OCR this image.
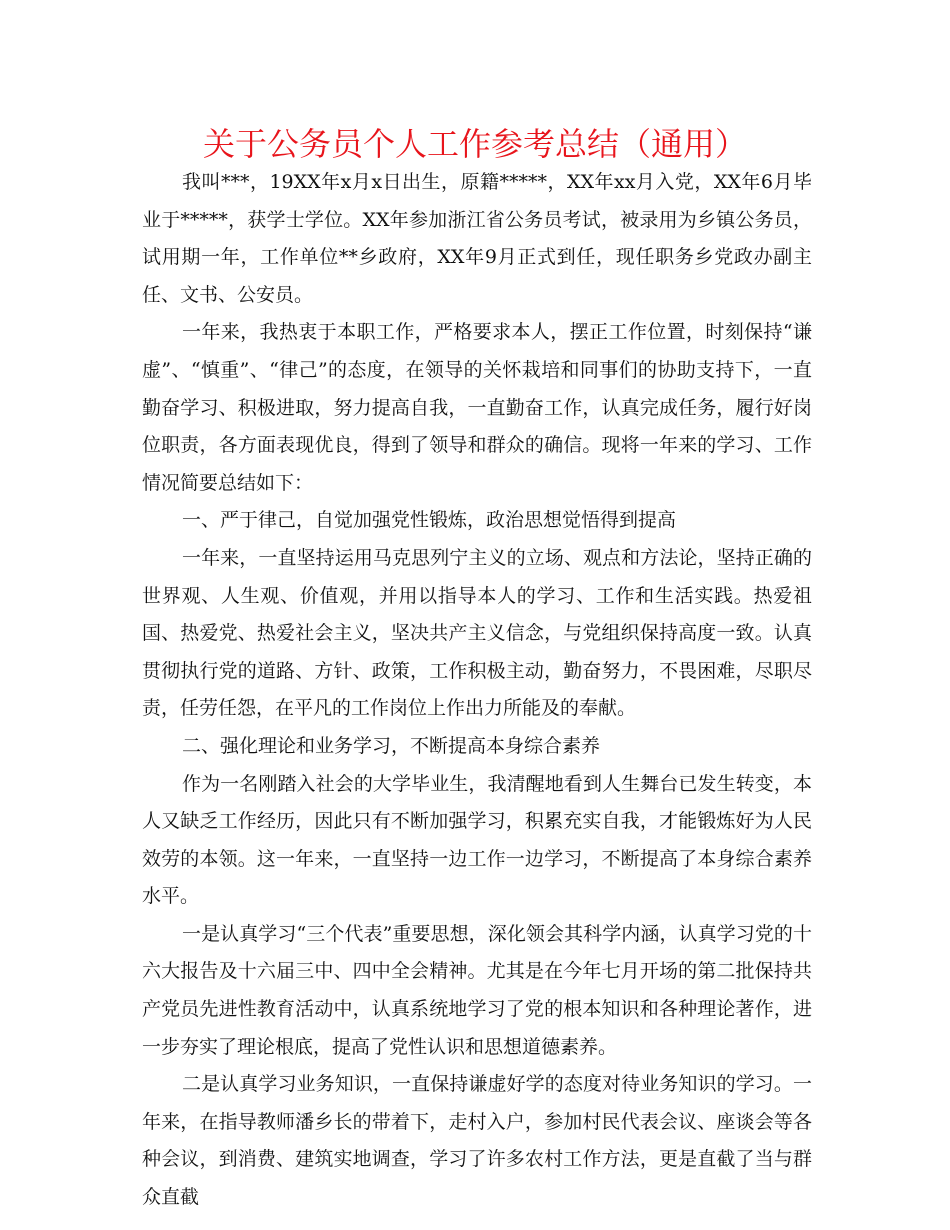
关于公务员个人工作参考总结（通用）

我叫***，19XX年x月x日出生，原籍*****，XX年xx月入党，XX年6月毕业于*****，获学士学位。XX年参加浙江省公务员考试，被录用为乡镇公务员，试用期一年，工作单位**乡政府，XX年9月正式到任，现任职务乡党政办副主任、文书、公安员。

一年来，我热衷于本职工作，严格要求本人，摆正工作位置，时刻保持“谦虚”、“慎重”、“律己”的态度，在领导的关怀栽培和同事们的协助支持下，一直勤奋学习、积极进取，努力提高自我，一直勤奋工作，认真完成任务，履行好岗位职责，各方面表现优良，得到了领导和群众的确信。现将一年来的学习、工作情况简要总结如下：

一、严于律己，自觉加强党性锻炼，政治思想觉悟得到提高

一年来，一直坚持运用马克思列宁主义的立场、观点和方法论，坚持正确的世界观、人生观、价值观，并用以指导本人的学习、工作和生活实践。热爱祖国、热爱党、热爱社会主义，坚决共产主义信念，与党组织保持高度一致。认真贯彻执行党的道路、方针、政策，工作积极主动，勤奋努力，不畏困难，尽职尽责，任劳任怨，在平凡的工作岗位上作出力所能及的奉献。

二、强化理论和业务学习，不断提高本身综合素养

作为一名刚踏入社会的大学毕业生，我清醒地看到人生舞台已发生转变，本人又缺乏工作经历，因此只有不断加强学习，积累充实自我，才能锻炼好为人民效劳的本领。这一年来，一直坚持一边工作一边学习，不断提高了本身综合素养水平。

一是认真学习“三个代表”重要思想，深化领会其科学内涵，认真学习党的十六大报告及十六届三中、四中全会精神。尤其是在今年七月开场的第二批保持共产党员先进性教育活动中，认真系统地学习了党的根本知识和各种理论著作，进一步夯实了理论根底，提高了党性认识和思想道德素养。

二是认真学习业务知识，一直保持谦虚好学的态度对待业务知识的学习。一年来，在指导教师潘乡长的带着下，走村入户，参加村民代表会议、座谈会等各种会议，到消费、建筑实地调查，学习了许多农村工作方法，更是直截了当与群众直截
